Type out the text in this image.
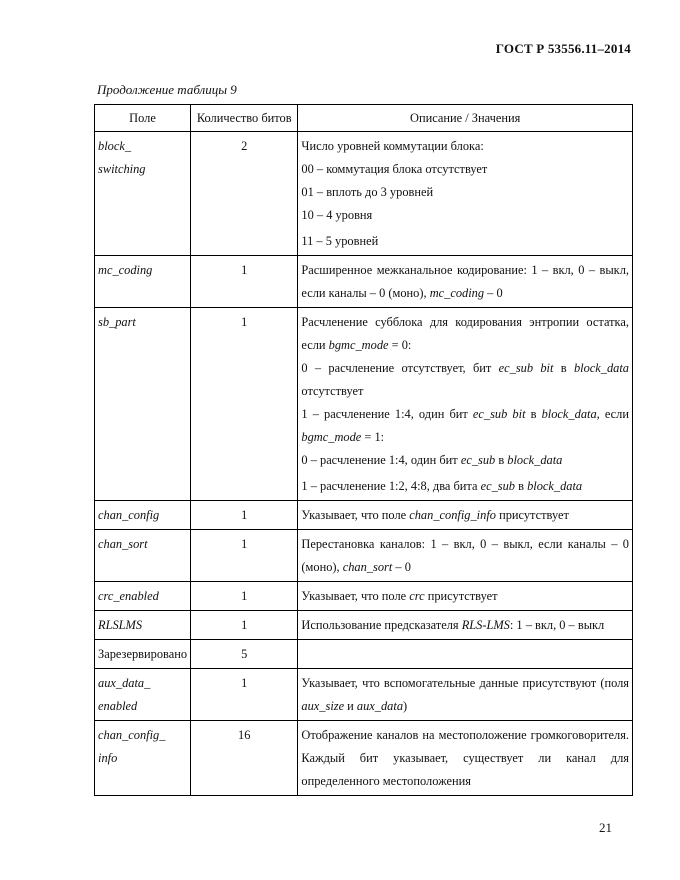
ГОСТ Р 53556.11–2014
Продолжение таблицы 9
Поле	Количество битов	Описание / Значения

block_
switching	2	Число уровней коммутации блока:
00 – коммутация блока отсутствует
01 – вплоть до 3 уровней
10 – 4 уровня
11 – 5 уровней

mc_coding	1	Расширенное межканальное кодирование: 1 – вкл, 0 – выкл, если каналы – 0 (моно), mc_coding – 0
sb_part	1	Расчленение субблока для кодирования энтропии остатка, если bgmc_mode = 0:
0 – расчленение отсутствует, бит ec_sub bit в block_data отсутствует
1 – расчленение 1:4, один бит ec_sub bit в block_data, если bgmc_mode = 1:
0 – расчленение 1:4, один бит ec_sub в block_data
1 – расчленение 1:2, 4:8, два бита ec_sub в block_data

chan_config	1	Указывает, что поле chan_config_info присутствует
chan_sort	1	Перестановка каналов: 1 – вкл, 0 – выкл, если каналы – 0 (моно), chan_sort – 0
crc_enabled	1	Указывает, что поле crc присутствует
RLSLMS	1	Использование предсказателя RLS-LMS: 1 – вкл, 0 – выкл
Зарезервировано	5	

aux_data_
enabled	1	Указывает, что вспомогательные данные присутствуют (поля aux_size и aux_data)

chan_config_
info	16	Отображение каналов на местоположение громкоговорителя. Каждый бит указывает, существует ли канал для определенного местоположения
21
